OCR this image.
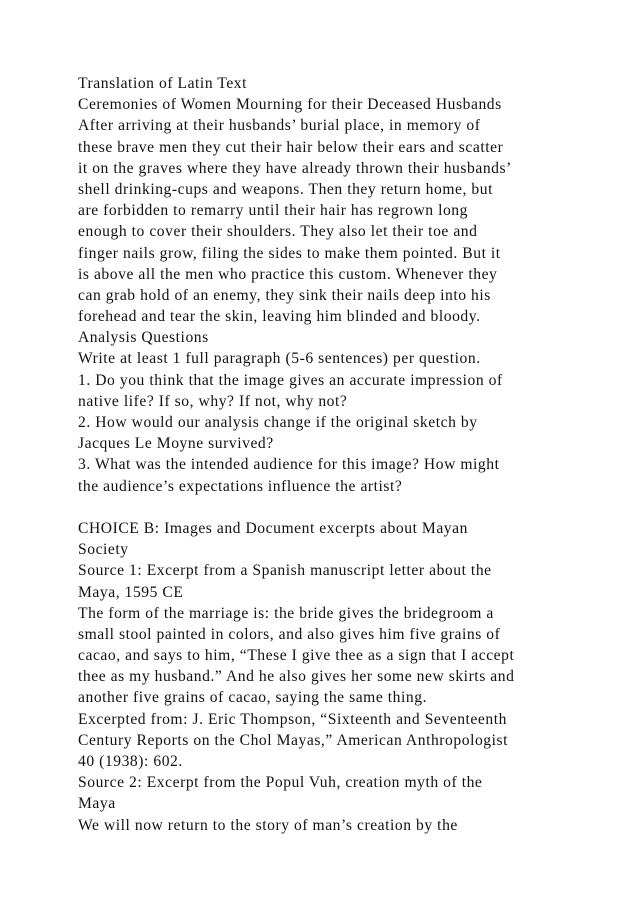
Translation of Latin Text
Ceremonies of Women Mourning for their Deceased Husbands
After arriving at their husbands’ burial place, in memory of
these brave men they cut their hair below their ears and scatter
it on the graves where they have already thrown their husbands’
shell drinking-cups and weapons. Then they return home, but
are forbidden to remarry until their hair has regrown long
enough to cover their shoulders. They also let their toe and
finger nails grow, filing the sides to make them pointed. But it
is above all the men who practice this custom. Whenever they
can grab hold of an enemy, they sink their nails deep into his
forehead and tear the skin, leaving him blinded and bloody.
Analysis Questions
Write at least 1 full paragraph (5-6 sentences) per question.
1. Do you think that the image gives an accurate impression of
native life? If so, why? If not, why not?
2. How would our analysis change if the original sketch by
Jacques Le Moyne survived?
3. What was the intended audience for this image? How might
the audience’s expectations influence the artist?
CHOICE B: Images and Document excerpts about Mayan
Society
Source 1: Excerpt from a Spanish manuscript letter about the
Maya, 1595 CE
The form of the marriage is: the bride gives the bridegroom a
small stool painted in colors, and also gives him five grains of
cacao, and says to him, “These I give thee as a sign that I accept
thee as my husband.” And he also gives her some new skirts and
another five grains of cacao, saying the same thing.
Excerpted from: J. Eric Thompson, “Sixteenth and Seventeenth
Century Reports on the Chol Mayas,” American Anthropologist
40 (1938): 602.
Source 2: Excerpt from the Popul Vuh, creation myth of the
Maya
We will now return to the story of man’s creation by the
